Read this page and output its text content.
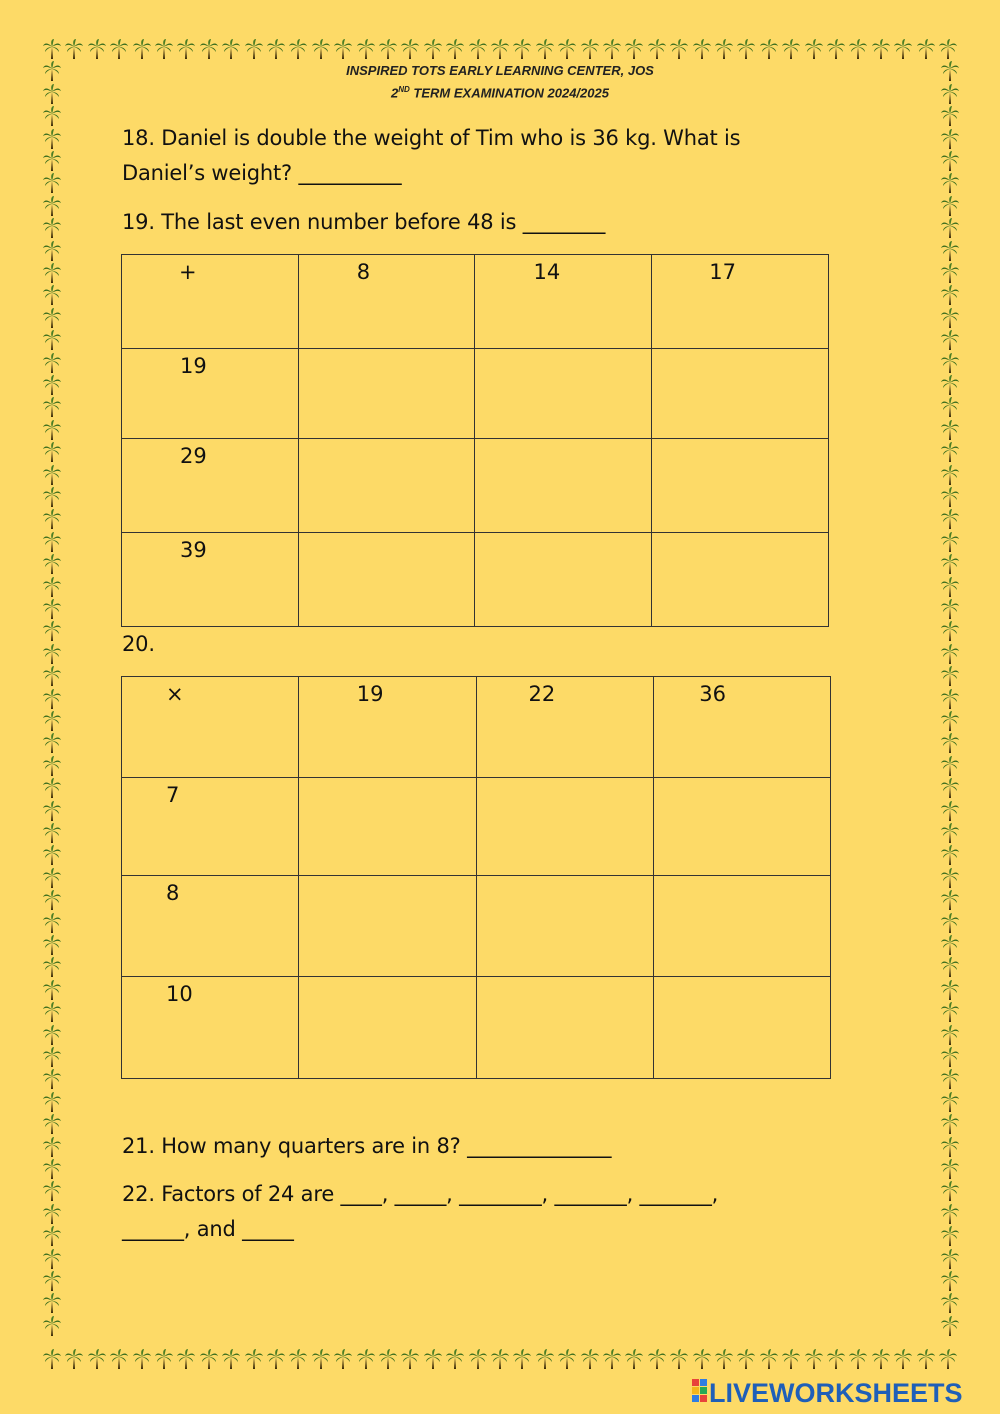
INSPIRED TOTS EARLY LEARNING CENTER, JOS
2ND TERM EXAMINATION 2024/2025
18. Daniel is double the weight of Tim who is 36 kg. What is
Daniel’s weight? __________
19. The last even number before 48 is ________
+	8	14	17

19			

29			

39			

20.
×	19	22	36

7			

8			

10			

21. How many quarters are in 8? ______________
22. Factors of 24 are ____, _____, ________, _______, _______,
______, and _____
LIVEWORKSHEETS
